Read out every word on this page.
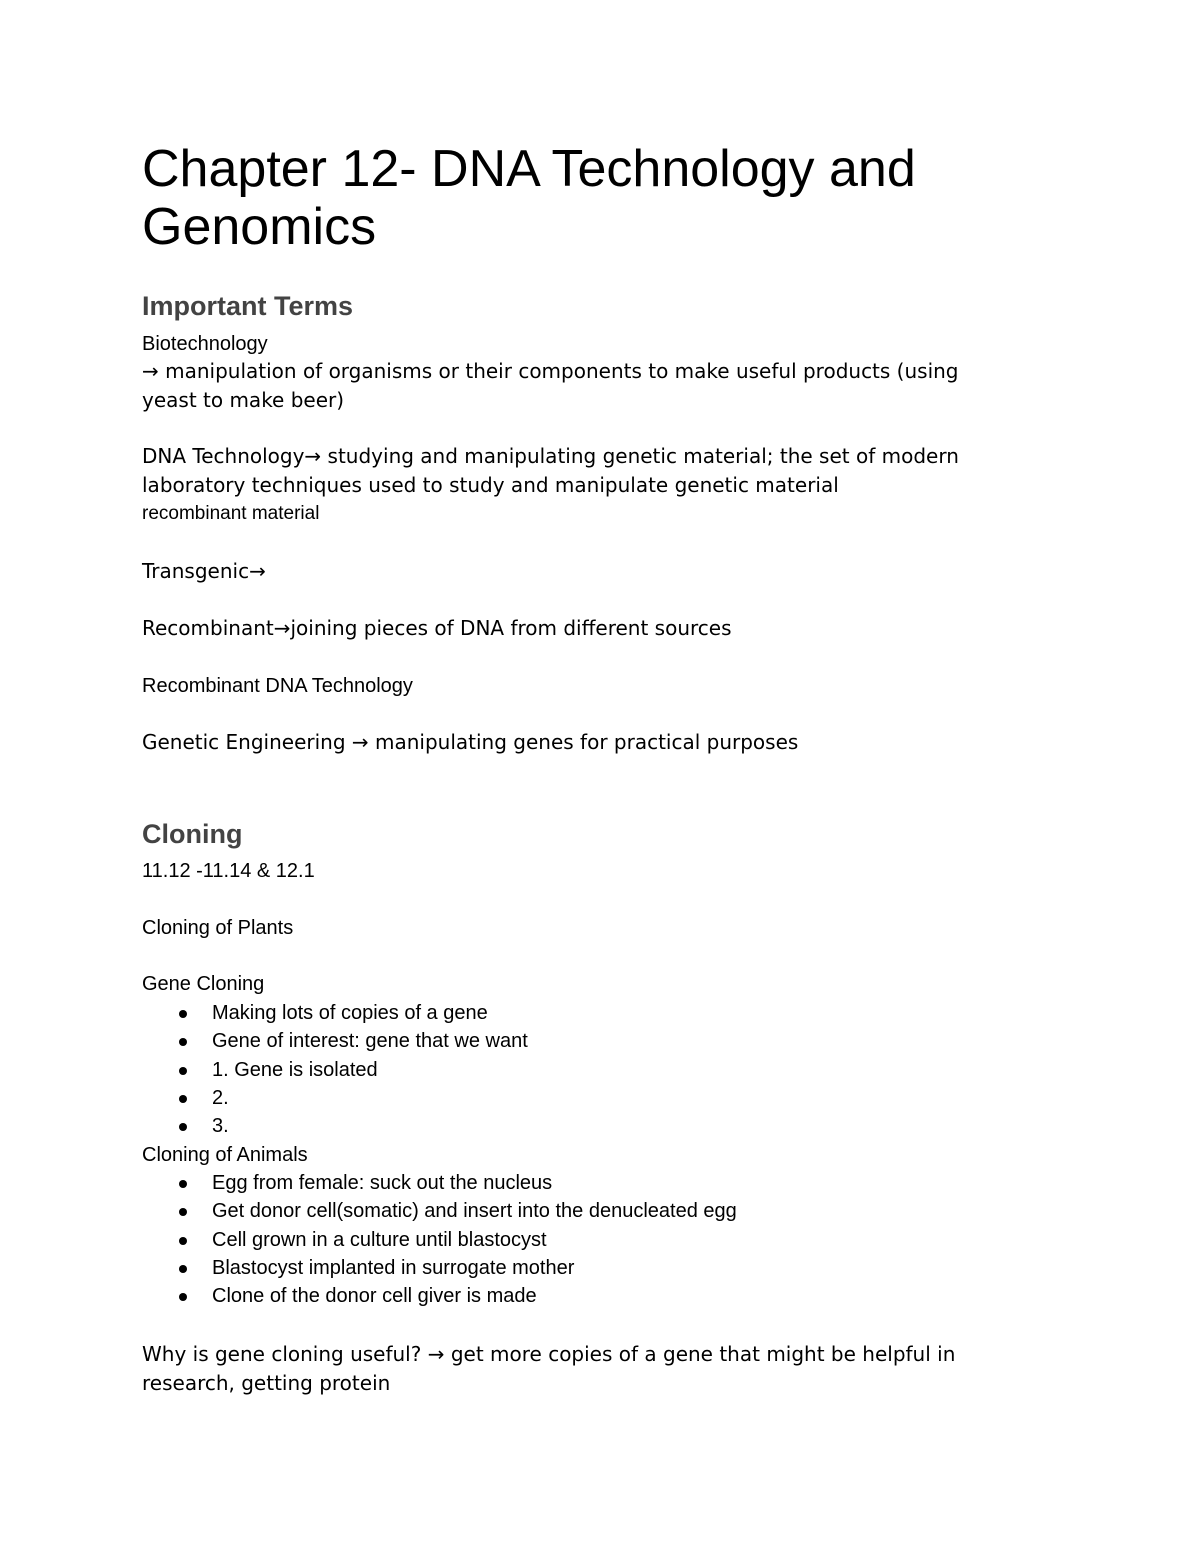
Chapter 12- DNA Technology and Genomics
Important Terms
Biotechnology
→ manipulation of organisms or their components to make useful products (using
yeast to make beer)
DNA Technology→ studying and manipulating genetic material; the set of modern
laboratory techniques used to study and manipulate genetic material
recombinant material
Transgenic→
Recombinant→joining pieces of DNA from different sources
Recombinant DNA Technology
Genetic Engineering → manipulating genes for practical purposes
Cloning
11.12 -11.14 & 12.1
Cloning of Plants
Gene Cloning
Making lots of copies of a gene
Gene of interest: gene that we want
1. Gene is isolated
2.
3.
Cloning of Animals
Egg from female: suck out the nucleus
Get donor cell(somatic) and insert into the denucleated egg
Cell grown in a culture until blastocyst
Blastocyst implanted in surrogate mother
Clone of the donor cell giver is made
Why is gene cloning useful? → get more copies of a gene that might be helpful in
research, getting protein
